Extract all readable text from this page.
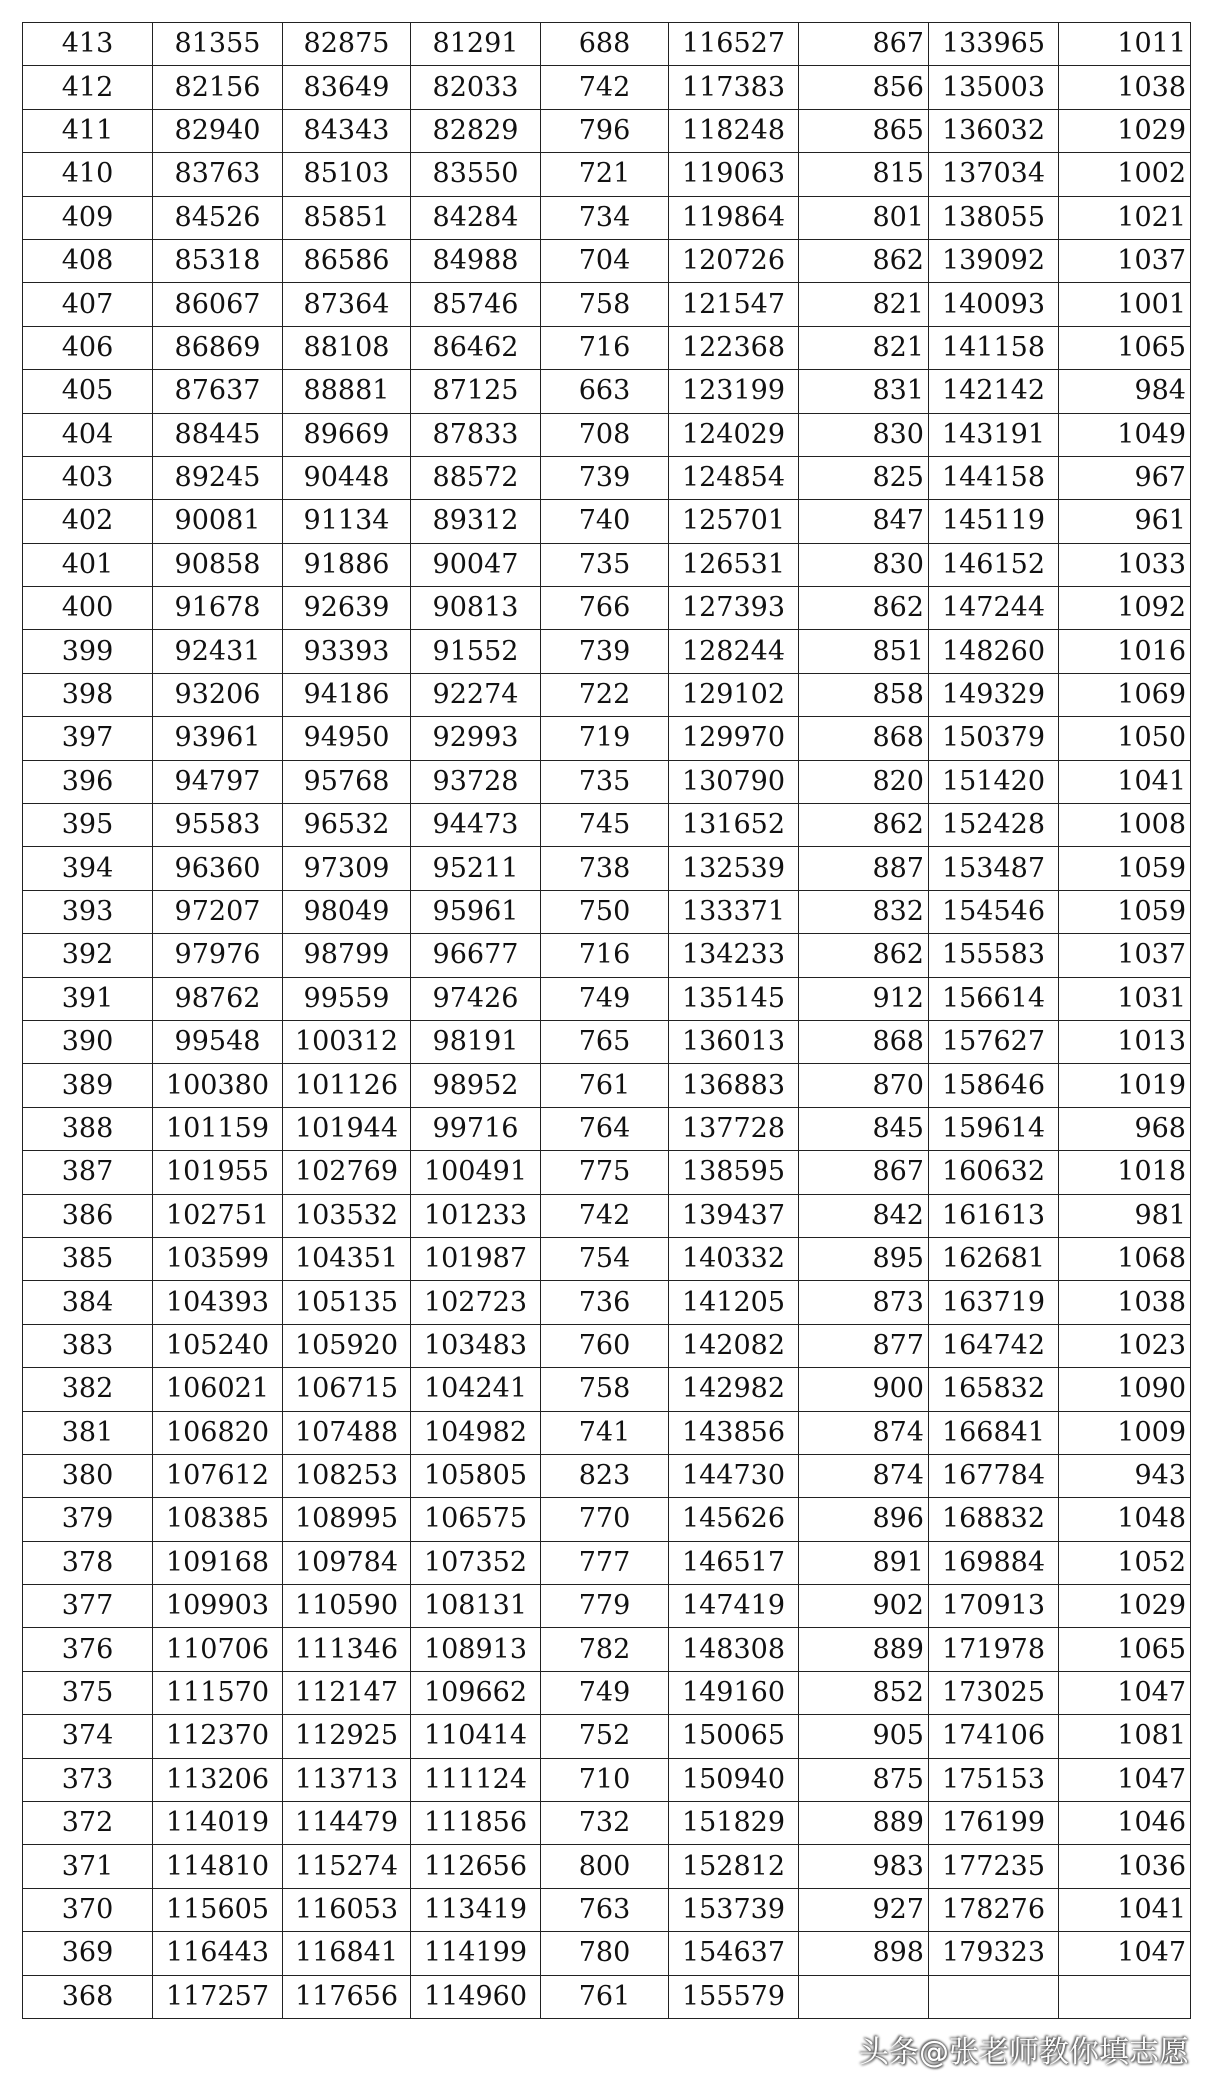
413	81355	82875	81291	688	116527	867	133965	1011
412	82156	83649	82033	742	117383	856	135003	1038
411	82940	84343	82829	796	118248	865	136032	1029
410	83763	85103	83550	721	119063	815	137034	1002
409	84526	85851	84284	734	119864	801	138055	1021
408	85318	86586	84988	704	120726	862	139092	1037
407	86067	87364	85746	758	121547	821	140093	1001
406	86869	88108	86462	716	122368	821	141158	1065
405	87637	88881	87125	663	123199	831	142142	984
404	88445	89669	87833	708	124029	830	143191	1049
403	89245	90448	88572	739	124854	825	144158	967
402	90081	91134	89312	740	125701	847	145119	961
401	90858	91886	90047	735	126531	830	146152	1033
400	91678	92639	90813	766	127393	862	147244	1092
399	92431	93393	91552	739	128244	851	148260	1016
398	93206	94186	92274	722	129102	858	149329	1069
397	93961	94950	92993	719	129970	868	150379	1050
396	94797	95768	93728	735	130790	820	151420	1041
395	95583	96532	94473	745	131652	862	152428	1008
394	96360	97309	95211	738	132539	887	153487	1059
393	97207	98049	95961	750	133371	832	154546	1059
392	97976	98799	96677	716	134233	862	155583	1037
391	98762	99559	97426	749	135145	912	156614	1031
390	99548	100312	98191	765	136013	868	157627	1013
389	100380	101126	98952	761	136883	870	158646	1019
388	101159	101944	99716	764	137728	845	159614	968
387	101955	102769	100491	775	138595	867	160632	1018
386	102751	103532	101233	742	139437	842	161613	981
385	103599	104351	101987	754	140332	895	162681	1068
384	104393	105135	102723	736	141205	873	163719	1038
383	105240	105920	103483	760	142082	877	164742	1023
382	106021	106715	104241	758	142982	900	165832	1090
381	106820	107488	104982	741	143856	874	166841	1009
380	107612	108253	105805	823	144730	874	167784	943
379	108385	108995	106575	770	145626	896	168832	1048
378	109168	109784	107352	777	146517	891	169884	1052
377	109903	110590	108131	779	147419	902	170913	1029
376	110706	111346	108913	782	148308	889	171978	1065
375	111570	112147	109662	749	149160	852	173025	1047
374	112370	112925	110414	752	150065	905	174106	1081
373	113206	113713	111124	710	150940	875	175153	1047
372	114019	114479	111856	732	151829	889	176199	1046
371	114810	115274	112656	800	152812	983	177235	1036
370	115605	116053	113419	763	153739	927	178276	1041
369	116443	116841	114199	780	154637	898	179323	1047
368	117257	117656	114960	761	155579			
头条@张老师教你填志愿
